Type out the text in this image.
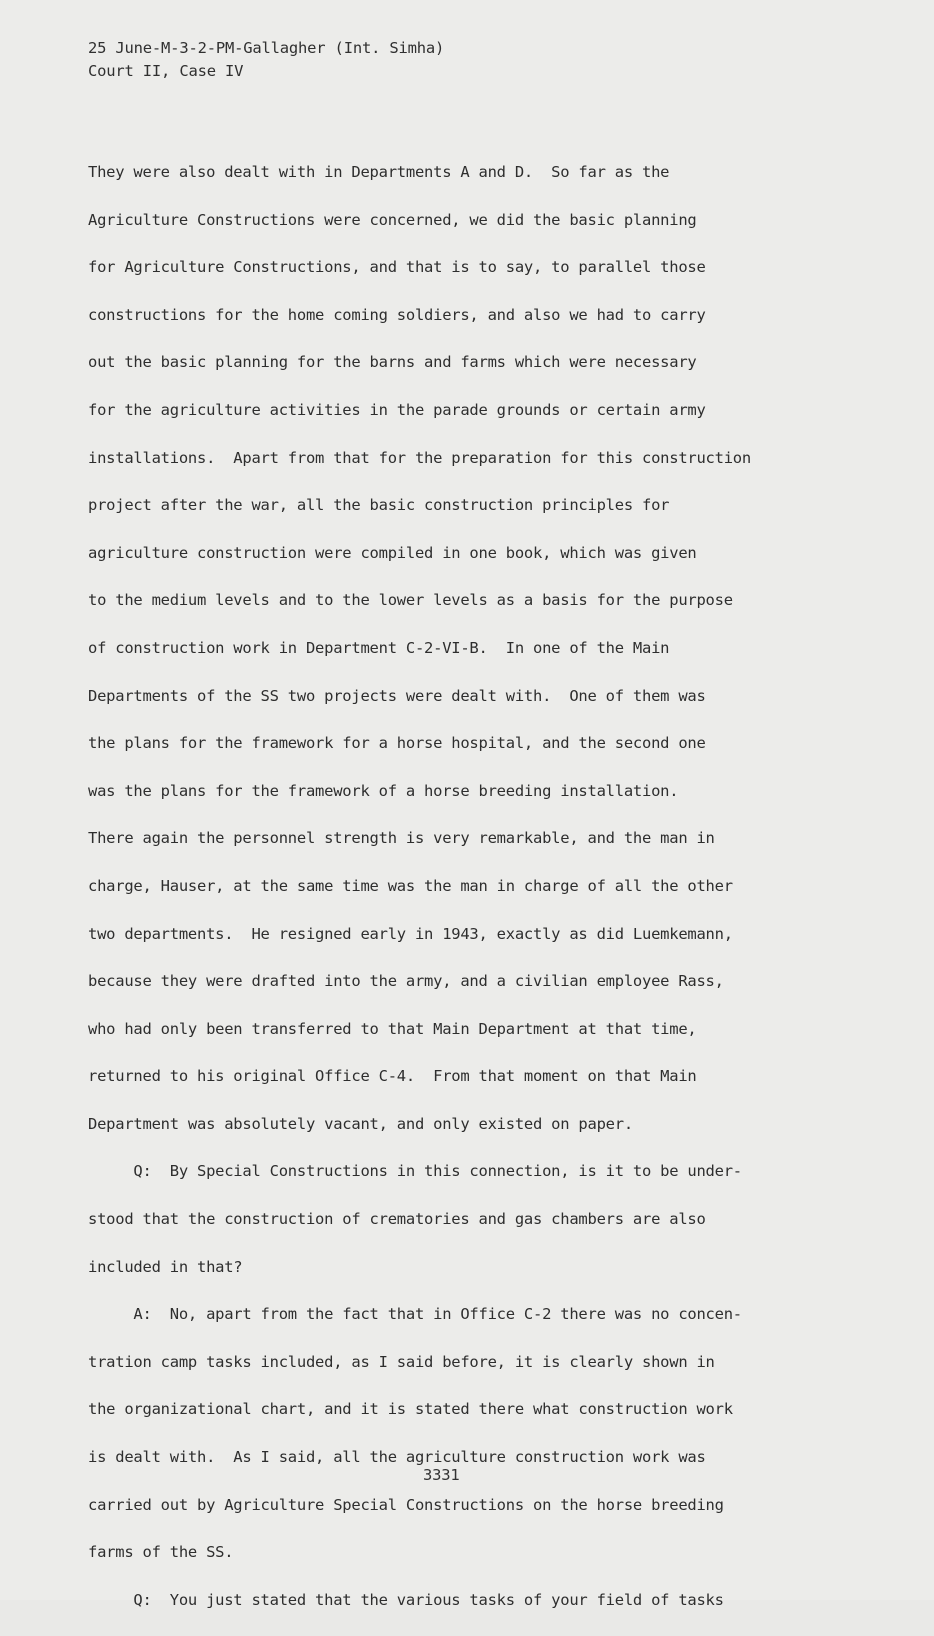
25 June-M-3-2-PM-Gallagher (Int. Simha)
Court II, Case IV
They were also dealt with in Departments A and D.  So far as the
Agriculture Constructions were concerned, we did the basic planning
for Agriculture Constructions, and that is to say, to parallel those
constructions for the home coming soldiers, and also we had to carry
out the basic planning for the barns and farms which were necessary
for the agriculture activities in the parade grounds or certain army
installations.  Apart from that for the preparation for this construction
project after the war, all the basic construction principles for
agriculture construction were compiled in one book, which was given
to the medium levels and to the lower levels as a basis for the purpose
of construction work in Department C-2-VI-B.  In one of the Main
Departments of the SS two projects were dealt with.  One of them was
the plans for the framework for a horse hospital, and the second one
was the plans for the framework of a horse breeding installation.
There again the personnel strength is very remarkable, and the man in
charge, Hauser, at the same time was the man in charge of all the other
two departments.  He resigned early in 1943, exactly as did Luemkemann,
because they were drafted into the army, and a civilian employee Rass,
who had only been transferred to that Main Department at that time,
returned to his original Office C-4.  From that moment on that Main
Department was absolutely vacant, and only existed on paper.
Q:  By Special Constructions in this connection, is it to be under-
stood that the construction of crematories and gas chambers are also
included in that?
A:  No, apart from the fact that in Office C-2 there was no concen-
tration camp tasks included, as I said before, it is clearly shown in
the organizational chart, and it is stated there what construction work
is dealt with.  As I said, all the agriculture construction work was
carried out by Agriculture Special Constructions on the horse breeding
farms of the SS.
Q:  You just stated that the various tasks of your field of tasks
3331
